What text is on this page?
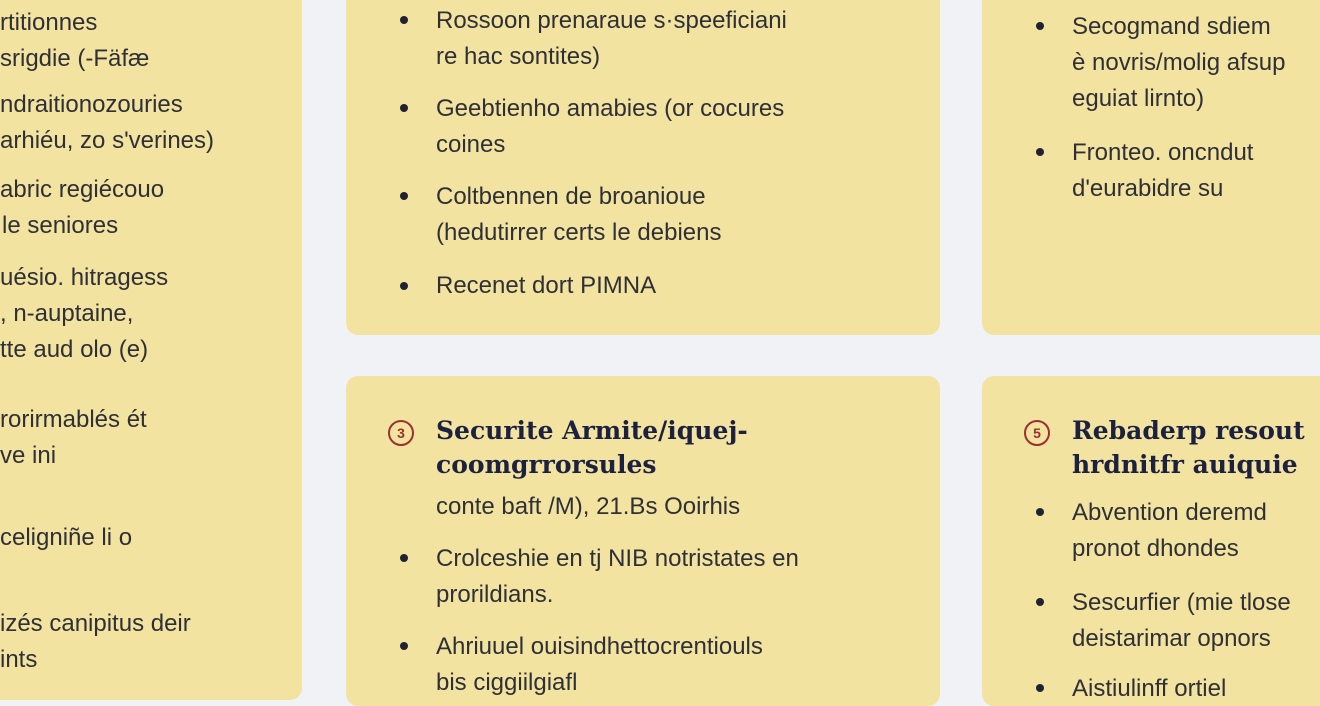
rtitionnes
srigdie (-Fäfæ
ndraitionozouries
arhiéu, zo s'verines)
abric regiécouo
le seniores
uésio. hitragess
, n-auptaine,
tte aud olo (e)
rorirmablés ét
ve ini
celigniñe li o
izés canipitus deir
ints
Rossoon prenaraue s·speeficiani
re hac sontites)
Geebtienho amabies (or cocures
coines
Coltbennen de broanioue
(hedutirrer certs le debiens
Recenet dort PIMNA
Secogmand sdiem
è novris/molig afsup
eguiat lirnto)
Fronteo. oncndut
d'eurabidre su
3	Securite Armite/iquej-
coomgrrorsules
conte baft /M), 21.Bs Ooirhis
Crolceshie en tj NIB notristates en
prorildians.
Ahriuuel ouisindhettocrentiouls
bis ciggiilgiafl
5	Rebaderp resout
hrdnitfr auiquie
Abvention deremd
pronot dhondes
Sescurfier (mie tlose
deistarimar opnors
Aistiulinff ortiel
